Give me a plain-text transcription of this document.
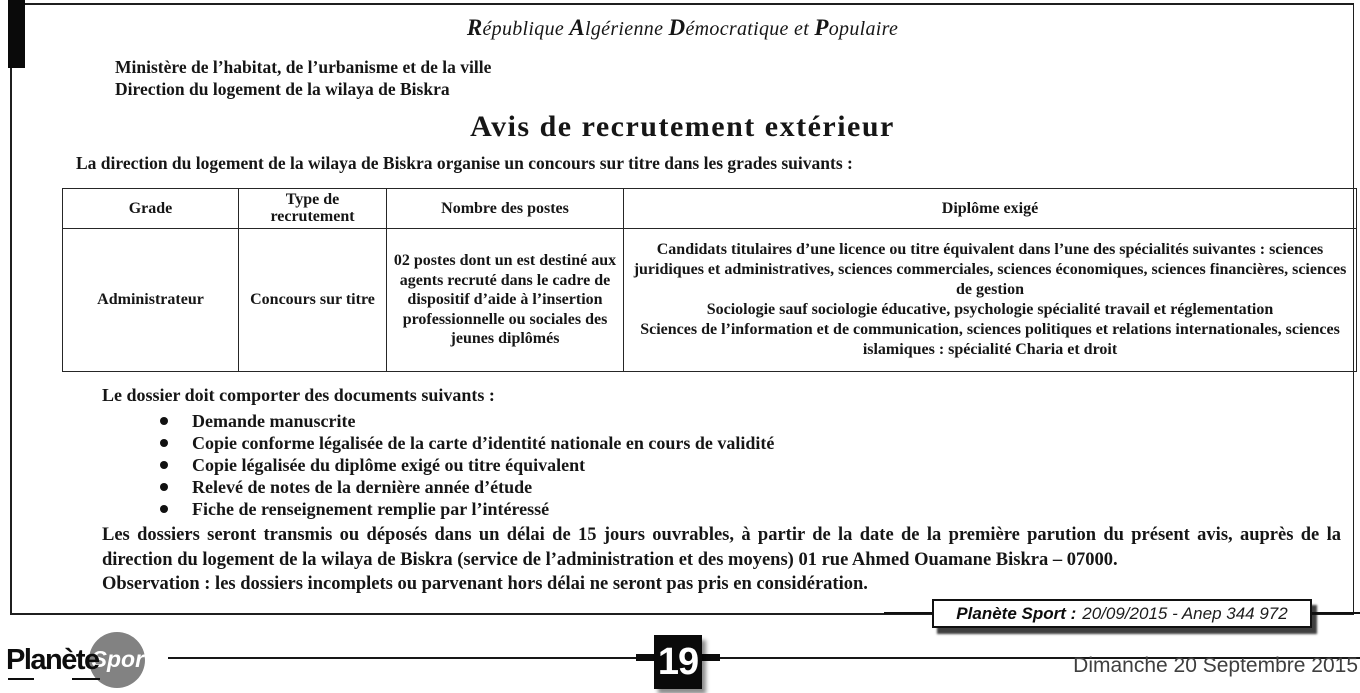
République Algérienne Démocratique et Populaire
Ministère de l’habitat, de l’urbanisme et de la ville
Direction du logement de la wilaya de Biskra
Avis de recrutement extérieur
La direction du logement de la wilaya de Biskra organise un concours sur titre dans les grades suivants :
Grade	Type de recrutement	Nombre des postes	Diplôme exigé
Administrateur	Concours sur titre	02 postes dont un est destiné aux agents recruté dans le cadre de dispositif d’aide à l’insertion professionnelle ou sociales des jeunes diplômés	Candidats titulaires d’une licence ou titre équivalent dans l’une des spécialités suivantes : sciences juridiques et administratives, sciences commerciales, sciences économiques, sciences financières, sciences de gestion
Sociologie sauf sociologie éducative, psychologie spécialité travail et réglementation
Sciences de l’information et de communication, sciences politiques et relations internationales, sciences islamiques : spécialité Charia et droit
Le dossier doit comporter des documents suivants :
Demande manuscrite
Copie conforme légalisée de la carte d’identité nationale en cours de validité
Copie légalisée du diplôme exigé ou titre équivalent
Relevé de notes de la dernière année d’étude
Fiche de renseignement remplie par l’intéressé
Les dossiers seront transmis ou déposés dans un délai de 15 jours ouvrables, à partir de la date de la première parution du présent avis, auprès de la direction du logement de la wilaya de Biskra (service de l’administration et des moyens) 01 rue Ahmed Ouamane Biskra – 07000.
Observation : les dossiers incomplets ou parvenant hors délai ne seront pas pris en considération.
Planète Sport : 20/09/2015 - Anep 344 972
Planète
Sport	19	Dimanche 20 Septembre 2015
